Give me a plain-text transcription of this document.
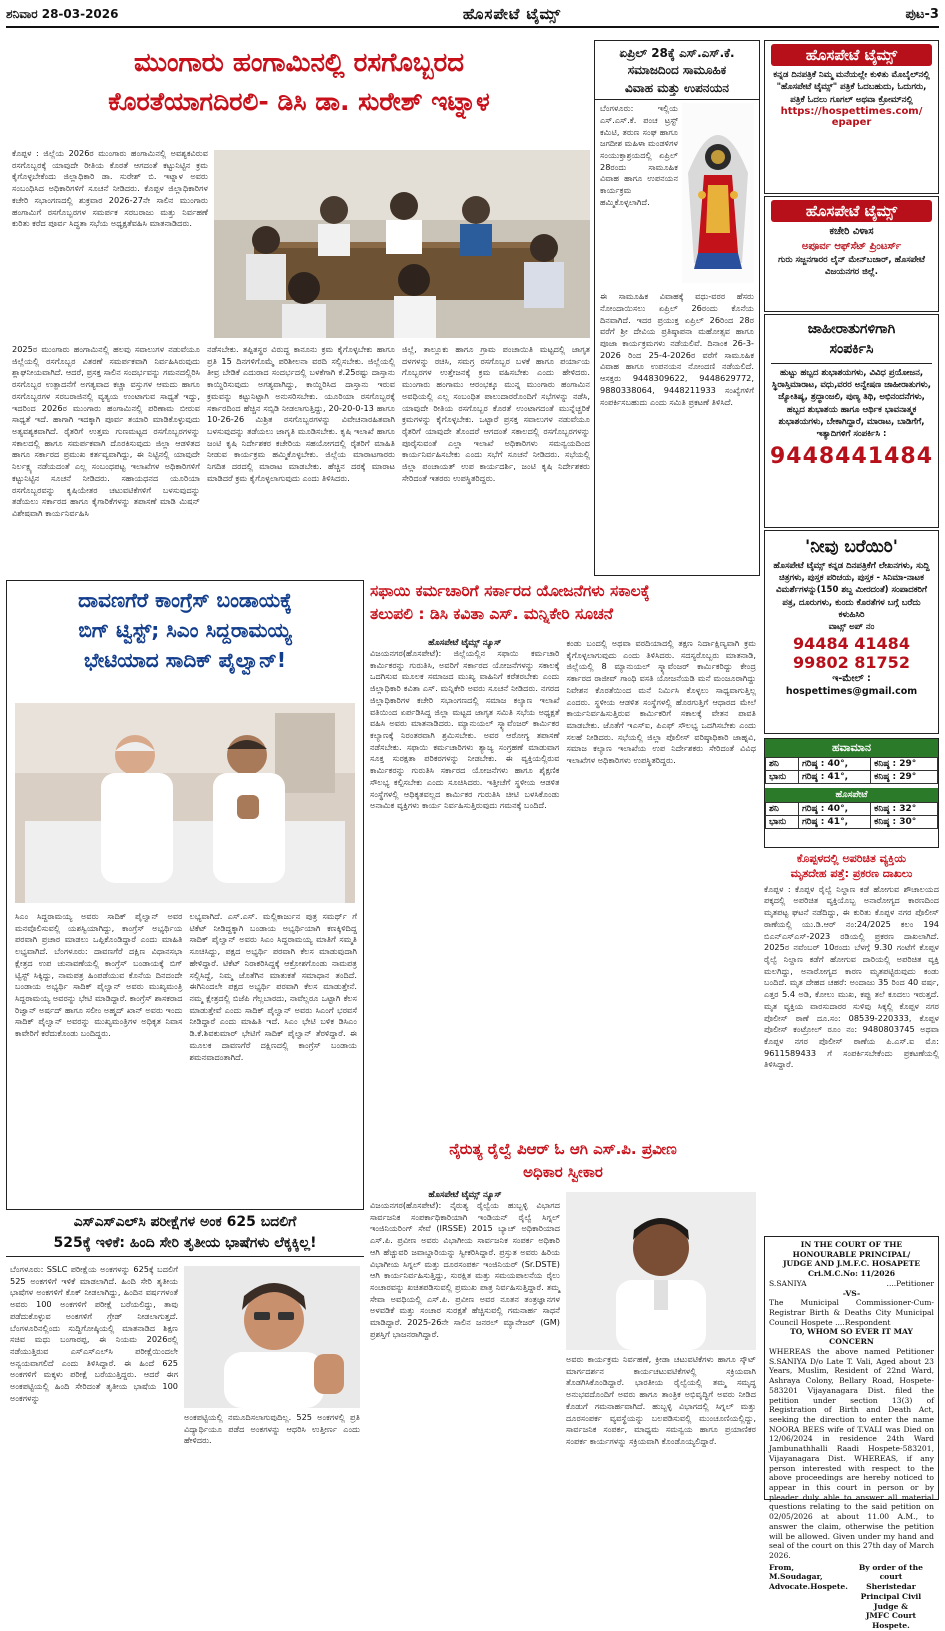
ಶನಿವಾರ 28-03-2026	ಹೊಸಪೇಟೆ ಟೈಮ್ಸ್	ಪುಟ-3
ಮುಂಗಾರು ಹಂಗಾಮಿನಲ್ಲಿ ರಸಗೊಬ್ಬರದ
ಕೊರತೆಯಾಗದಿರಲಿ- ಡಿಸಿ ಡಾ. ಸುರೇಶ್ ಇಟ್ನಾಳ
ಕೊಪ್ಪಳ : ಜಿಲ್ಲೆಯ 2026ರ ಮುಂಗಾರು ಹಂಗಾಮಿನಲ್ಲಿ ಅವಶ್ಯಕವಿರುವ ರಸಗೊಬ್ಬರಕ್ಕೆ ಯಾವುದೇ ರೀತಿಯ ಕೊರತೆ ಆಗದಂತೆ ಕಟ್ಟುನಿಟ್ಟಿನ ಕ್ರಮ ಕೈಗೊಳ್ಳಬೇಕೆಂದು ಜಿಲ್ಲಾಧಿಕಾರಿ ಡಾ. ಸುರೇಶ್ ಬಿ. ಇಟ್ನಾಳ ಅವರು ಸಂಬಂಧಿಸಿದ ಅಧಿಕಾರಿಗಳಿಗೆ ಸೂಚನೆ ನೀಡಿದರು. ಕೊಪ್ಪಳ ಜಿಲ್ಲಾಧಿಕಾರಿಗಳ ಕಚೇರಿ ಸಭಾಂಗಣದಲ್ಲಿ ಶುಕ್ರವಾರ 2026-27ನೇ ಸಾಲಿನ ಮುಂಗಾರು ಹಂಗಾಮಿಗೆ ರಸಗೊಬ್ಬರಗಳ ಸಮರ್ಪಕ ಸರಬರಾಜು ಮತ್ತು ನಿರ್ವಹಣೆ ಕುರಿತು ಕರೆದ ಪೂರ್ವ ಸಿದ್ಧತಾ ಸಭೆಯ ಅಧ್ಯಕ್ಷತೆವಹಿಸಿ ಮಾತನಾಡಿದರು.
2025ರ ಮುಂಗಾರು ಹಂಗಾಮಿನಲ್ಲಿ ಹಲವು ಸವಾಲುಗಳ ನಡುವೆಯೂ ಜಿಲ್ಲೆಯಲ್ಲಿ ರಸಗೊಬ್ಬರ ವಿತರಣೆ ಸಮರ್ಪಕವಾಗಿ ನಿರ್ವಹಿಸಿರುವುದು ಶ್ಲಾಘನೀಯವಾಗಿದೆ. ಆದರೆ, ಪ್ರಸಕ್ತ ಸಾಲಿನ ಸಂದರ್ಭವನ್ನು ಗಮನದಲ್ಲಿರಿಸಿ ರಸಗೊಬ್ಬರ ಉತ್ಪಾದನೆಗೆ ಅಗತ್ಯವಾದ ಕಚ್ಚಾ ವಸ್ತುಗಳ ಆಮದು ಹಾಗೂ ರಸಗೊಬ್ಬರಗಳ ಸರಬರಾಜಿನಲ್ಲಿ ವ್ಯತ್ಯಯ ಉಂಟಾಗುವ ಸಾಧ್ಯತೆ ಇದ್ದು, ಇದರಿಂದ 2026ರ ಮುಂಗಾರು ಹಂಗಾಮಿನಲ್ಲಿ ಪರಿಣಾಮ ಬೀರುವ ಸಾಧ್ಯತೆ ಇದೆ. ಹಾಗಾಗಿ ಇದಕ್ಕಾಗಿ ಪೂರ್ವ ತಯಾರಿ ಮಾಡಿಕೊಳ್ಳುವುದು ಅತ್ಯವಶ್ಯಕವಾಗಿದೆ. ರೈತರಿಗೆ ಉತ್ತಮ ಗುಣಮಟ್ಟದ ರಸಗೊಬ್ಬರಗಳನ್ನು ಸಕಾಲದಲ್ಲಿ ಹಾಗೂ ಸಮರ್ಪಕವಾಗಿ ದೊರಕಿಸುವುದು ಜಿಲ್ಲಾ ಆಡಳಿತದ ಹಾಗೂ ಸರ್ಕಾರದ ಪ್ರಮುಖ ಕರ್ತವ್ಯವಾಗಿದ್ದು, ಈ ನಿಟ್ಟಿನಲ್ಲಿ ಯಾವುದೇ ನಿರ್ಲಕ್ಷ್ಯ ನಡೆಯದಂತೆ ಎಲ್ಲ ಸಂಬಂಧಪಟ್ಟ ಇಲಾಖೆಗಳ ಅಧಿಕಾರಿಗಳಿಗೆ ಕಟ್ಟುನಿಟ್ಟಿನ ಸೂಚನೆ ನೀಡಿದರು. ಸಹಾಯಧನದ ಯೂರಿಯಾ ರಸಗೊಬ್ಬರವನ್ನು ಕೃಷಿಯೇತರ ಚಟುವಟಿಕೆಗಳಿಗೆ ಬಳಸುವುದನ್ನು ತಡೆಯಲು ಸರ್ಕಾರದ ಹಾಗೂ ಕೈಗಾರಿಕೆಗಳನ್ನು ತಪಾಸಣೆ ಮಾಡಿ ಮಿಷನ್ ವಿಶೇಷವಾಗಿ ಕಾರ್ಯನಿರ್ವಹಿಸಿ
ನಡೆಸಬೇಕು. ತಪ್ಪಿತಸ್ಥರ ವಿರುದ್ಧ ಕಾನೂನು ಕ್ರಮ ಕೈಗೊಳ್ಳಬೇಕು ಹಾಗೂ ಪ್ರತಿ 15 ದಿನಗಳಿಗೊಮ್ಮೆ ಪರಿಶೀಲನಾ ವರದಿ ಸಲ್ಲಿಸಬೇಕು. ಜಿಲ್ಲೆಯಲ್ಲಿ ತೀವ್ರ ಬೇಡಿಕೆ ಎದುರಾದ ಸಂದರ್ಭದಲ್ಲಿ ಬಳಕೆಗಾಗಿ ಕೆ.25ರಷ್ಟು ದಾಸ್ತಾನು ಕಾಯ್ದಿರಿಸುವುದು ಅಗತ್ಯವಾಗಿದ್ದು, ಕಾಯ್ದಿರಿಸಿದ ದಾಸ್ತಾನು ಇರುವ ಕ್ರಮವನ್ನು ಕಟ್ಟುನಿಟ್ಟಾಗಿ ಅನುಸರಿಸಬೇಕು. ಯೂರಿಯಾ ರಸಗೊಬ್ಬರಕ್ಕೆ ಸರ್ಕಾರದಿಂದ ಹೆಚ್ಚಿನ ಸಬ್ಸಿಡಿ ನೀಡಲಾಗುತ್ತಿದ್ದು, 20-20-0-13 ಹಾಗೂ 10-26-26 ಮಿಶ್ರಿತ ರಸಗೊಬ್ಬರಗಳನ್ನು ವಿವೇಚನಾರಹಿತವಾಗಿ ಬಳಸುವುದನ್ನು ತಡೆಯಲು ಜಾಗೃತಿ ಮೂಡಿಸಬೇಕು. ಕೃಷಿ ಇಲಾಖೆ ಹಾಗೂ ಜಂಟಿ ಕೃಷಿ ನಿರ್ದೇಶಕರ ಕಚೇರಿಯ ಸಹಯೋಗದಲ್ಲಿ ರೈತರಿಗೆ ಮಾಹಿತಿ ನೀಡುವ ಕಾರ್ಯಕ್ರಮ ಹಮ್ಮಿಕೊಳ್ಳಬೇಕು. ಜಿಲ್ಲೆಯ ಮಾರಾಟಗಾರರು ನಿಗದಿತ ದರದಲ್ಲಿ ಮಾರಾಟ ಮಾಡಬೇಕು. ಹೆಚ್ಚಿನ ದರಕ್ಕೆ ಮಾರಾಟ ಮಾಡಿದರೆ ಕ್ರಮ ಕೈಗೊಳ್ಳಲಾಗುವುದು ಎಂದು ತಿಳಿಸಿದರು.
ಜಿಲ್ಲೆ, ತಾಲ್ಲೂಕು ಹಾಗೂ ಗ್ರಾಮ ಪಂಚಾಯಿತಿ ಮಟ್ಟದಲ್ಲಿ ಜಾಗೃತ ದಳಗಳನ್ನು ರಚಿಸಿ, ಸಮಗ್ರ ರಸಗೊಬ್ಬರ ಬಳಕೆ ಹಾಗೂ ಪರ್ಯಾಯ ಗೊಬ್ಬರಗಳ ಉತ್ತೇಜನಕ್ಕೆ ಕ್ರಮ ವಹಿಸಬೇಕು ಎಂದು ಹೇಳಿದರು. ಮುಂಗಾರು ಹಂಗಾಮು ಆರಂಭಕ್ಕೂ ಮುನ್ನ ಮುಂಗಾರು ಹಂಗಾಮಿನ ಅವಧಿಯಲ್ಲಿ ಎಲ್ಲ ಸಂಬಂಧಿತ ಪಾಲುದಾರರೊಂದಿಗೆ ಸಭೆಗಳನ್ನು ನಡೆಸಿ, ಯಾವುದೇ ರೀತಿಯ ರಸಗೊಬ್ಬರ ಕೊರತೆ ಉಂಟಾಗದಂತೆ ಮುನ್ನೆಚ್ಚರಿಕೆ ಕ್ರಮಗಳನ್ನು ಕೈಗೊಳ್ಳಬೇಕು. ಒಟ್ಟಾರೆ ಪ್ರಸಕ್ತ ಸವಾಲುಗಳ ನಡುವೆಯೂ ರೈತರಿಗೆ ಯಾವುದೇ ತೊಂದರೆ ಆಗದಂತೆ ಸಕಾಲದಲ್ಲಿ ರಸಗೊಬ್ಬರಗಳನ್ನು ಪೂರೈಸುವಂತೆ ಎಲ್ಲಾ ಇಲಾಖೆ ಅಧಿಕಾರಿಗಳು ಸಮನ್ವಯದಿಂದ ಕಾರ್ಯನಿರ್ವಹಿಸಬೇಕು ಎಂದು ಸಭೆಗೆ ಸೂಚನೆ ನೀಡಿದರು. ಸಭೆಯಲ್ಲಿ ಜಿಲ್ಲಾ ಪಂಚಾಯತ್ ಉಪ ಕಾರ್ಯದರ್ಶಿ, ಜಂಟಿ ಕೃಷಿ ನಿರ್ದೇಶಕರು ಸೇರಿದಂತೆ ಇತರರು ಉಪಸ್ಥಿತರಿದ್ದರು.
ಏಪ್ರಿಲ್ 28ಕ್ಕೆ ಎಸ್.ಎಸ್.ಕೆ.
ಸಮಾಜದಿಂದ ಸಾಮೂಹಿಕ
ವಿವಾಹ ಮತ್ತು ಉಪನಯನ
ಬೆಂಗಳೂರು: ಇಲ್ಲಿಯ ಎಸ್.ಎಸ್.ಕೆ. ಪಂಚ ಟ್ರಸ್ಟ್ ಕಮಿಟಿ, ತರುಣ ಸಂಘ ಹಾಗೂ ಜಗದೀಶ ಮಹಿಳಾ ಮಂಡಳಿಗಳ ಸಂಯುಕ್ತಾಶ್ರಯದಲ್ಲಿ ಏಪ್ರಿಲ್ 28ರಂದು ಸಾಮೂಹಿಕ ವಿವಾಹ ಹಾಗೂ ಉಪನಯನ ಕಾರ್ಯಕ್ರಮ ಹಮ್ಮಿಕೊಳ್ಳಲಾಗಿದೆ.
ಈ ಸಾಮೂಹಿಕ ವಿವಾಹಕ್ಕೆ ವಧು-ವರರ ಹೆಸರು ನೋಂದಾಯಿಸಲು ಏಪ್ರಿಲ್ 26ರಂದು ಕೊನೆಯ ದಿನವಾಗಿದೆ. ಇದರ ಪ್ರಯುಕ್ತ ಏಪ್ರಿಲ್ 26ರಿಂದ 28ರ ವರೆಗೆ ಶ್ರೀ ದೇವಿಯ ಪ್ರತಿಷ್ಠಾಪನಾ ಮಹೋತ್ಸವ ಹಾಗೂ ಪೂಜಾ ಕಾರ್ಯಕ್ರಮಗಳು ನಡೆಯಲಿವೆ. ದಿನಾಂಕ 26-3-2026 ರಿಂದ 25-4-2026ರ ವರೆಗೆ ಸಾಮೂಹಿಕ ವಿವಾಹ ಹಾಗೂ ಉಪನಯನ ನೋಂದಣಿ ನಡೆಯಲಿದೆ. ಆಸಕ್ತರು 9448309622, 9448629772, 9880338064, 9448211933 ಸಂಖ್ಯೆಗಳಿಗೆ ಸಂಪರ್ಕಿಸಬಹುದು ಎಂದು ಸಮಿತಿ ಪ್ರಕಟಣೆ ತಿಳಿಸಿದೆ.
ಹೊಸಪೇಟೆ ಟೈಮ್ಸ್
ಕನ್ನಡ ದಿನಪತ್ರಿಕೆ ನಿಮ್ಮ ಮನೆಯಲ್ಲೇ ಕುಳಿತು ಮೊಬೈಲ್‌ನಲ್ಲಿ "ಹೊಸಪೇಟೆ ಟೈಮ್ಸ್" ಪತ್ರಿಕೆ ಓದಬಹುದು, ಓದುಗರು, ಪತ್ರಿಕೆ ಓದಲು ಗೂಗಲ್ ಅಥವಾ ಕ್ರೋಮ್‌ನಲ್ಲಿ
https://hospettimes.com/
epaper
ಹೊಸಪೇಟೆ ಟೈಮ್ಸ್
ಕಚೇರಿ ವಿಳಾಸ
ಅಪೂರ್ವ ಆಫ್‌ಸೆಟ್ ಪ್ರಿಂಟರ್ಸ್
ಗುರು ಸಜ್ಜನಗಾರರ ಲೈನ್ ಮೇನ್‌ಬಜಾರ್, ಹೊಸಪೇಟೆ ವಿಜಯನಗರ ಜಿಲ್ಲೆ.
ಜಾಹೀರಾತುಗಳಿಗಾಗಿ
ಸಂಪರ್ಕಿಸಿ
ಹುಟ್ಟು ಹಬ್ಬದ ಶುಭಾಶಯಗಳು, ವಿವಿಧ ಪ್ರಯೋಜನ, ಸ್ಥಿರಾಸ್ತಿಮಾರಾಟ, ವಧು,ವರರ ಅನ್ವೇಷಣ ಜಾಹೀರಾತುಗಳು, ಜ್ಯೋತಿಷ್ಯ, ಶ್ರದ್ಧಾಂಜಲಿ, ಪುಣ್ಯ ತಿಥಿ, ಅಭಿನಂದನೆಗಳು, ಹಬ್ಬದ ಶುಭಾಶಯ ಹಾಗೂ ಆರ್ಥಿಕ ಭಾವನಾತ್ಮಕ ಶುಭಾಶಯಗಳು, ಬೇಕಾಗಿದ್ದಾರೆ, ಮಾರಾಟ, ಬಾಡಿಗೆಗೆ, ಇತ್ಯಾದಿಗಳಿಗೆ ಸಂಪರ್ಕಿಸಿ :
9448441484
'ನೀವು ಬರೆಯಿರಿ'
ಹೊಸಪೇಟೆ ಟೈಮ್ಸ್ ಕನ್ನಡ ದಿನಪತ್ರಿಕೆಗೆ ಲೇಖನಗಳು, ಸುದ್ದಿ ಚಿತ್ರಗಳು, ಪುಸ್ತಕ ಪರಿಚಯ, ಪುಸ್ತಕ - ಸಿನಿಮಾ-ನಾಟಕ ವಿಮರ್ಶೆಗಳನ್ನು(150 ಶಬ್ದ ಮೀರದಂತೆ) ಸಂಪಾದಕರಿಗೆ ಪತ್ರ, ದೂರುಗಳು, ಕುಂದು ಕೊರತೆಗಳ ಬಗ್ಗೆ ಬರೆದು ಕಳುಹಿಸಿರಿ
ವಾಟ್ಸ್ ಅಪ್ ನಂ
94484 41484
99802 81752
ಇ-ಮೇಲ್ : hospettimes@gmail.com
ಹವಾಮಾನ
ಶನಿ	ಗರಿಷ್ಠ : 40°,	ಕನಿಷ್ಠ : 29°
ಭಾನು	ಗರಿಷ್ಠ : 41°,	ಕನಿಷ್ಠ : 29°
ಹೊಸಪೇಟೆ
ಶನಿ	ಗರಿಷ್ಠ : 40°,	ಕನಿಷ್ಠ : 32°
ಭಾನು	ಗರಿಷ್ಠ : 41°,	ಕನಿಷ್ಠ : 30°
ಕೊಪ್ಪಳದಲ್ಲಿ ಅಪರಿಚಿತ ವ್ಯಕ್ತಿಯ
ಮೃತದೇಹ ಪತ್ತೆ: ಪ್ರಕರಣ ದಾಖಲು
ಕೊಪ್ಪಳ : ಕೊಪ್ಪಳ ರೈಲ್ವೆ ನಿಲ್ದಾಣ ಕಡೆ ಹೋಗುವ ಶೌಚಾಲಯದ ಪಕ್ಕದಲ್ಲಿ ಅಪರಿಚಿತ ವ್ಯಕ್ತಿಯೊಬ್ಬ ಅನಾರೋಗ್ಯದ ಕಾರಣದಿಂದ ಮೃತಪಟ್ಟ ಘಟನೆ ನಡೆದಿದ್ದು, ಈ ಕುರಿತು ಕೊಪ್ಪಳ ನಗರ ಪೊಲೀಸ್ ಠಾಣೆಯಲ್ಲಿ ಯು.ಡಿ.ಆರ್ ನಂ:24/2025 ಕಲಂ 194 ಬಿಎನ್‌ಎಸ್‌ಎಸ್-2023 ರಡಿಯಲ್ಲಿ ಪ್ರಕರಣ ದಾಖಲಾಗಿದೆ. 2025ರ ನವೆಂಬರ್ 10ರಂದು ಬೆಳಗ್ಗೆ 9.30 ಗಂಟೆಗೆ ಕೊಪ್ಪಳ ರೈಲ್ವೆ ನಿಲ್ದಾಣ ಕಡೆಗೆ ಹೋಗುವ ದಾರಿಯಲ್ಲಿ ಅಪರಿಚಿತ ವ್ಯಕ್ತಿ ಮಲಗಿದ್ದು, ಅನಾರೋಗ್ಯದ ಕಾರಣ ಮೃತಪಟ್ಟಿರುವುದು ಕಂಡು ಬಂದಿದೆ. ಮೃತ ದೇಹದ ಚಹರೆ: ಅಂದಾಜು 35 ರಿಂದ 40 ವರ್ಷ, ಎತ್ತರ 5.4 ಅಡಿ, ಕೋಲು ಮುಖ, ಕಪ್ಪು ತಲೆ ಕೂದಲು ಇರುತ್ತದೆ. ಮೃತ ವ್ಯಕ್ತಿಯ ವಾರಸುದಾರರ ಸುಳಿವು ಸಿಕ್ಕಲ್ಲಿ ಕೊಪ್ಪಳ ನಗರ ಪೊಲೀಸ್ ಠಾಣೆ ದೂ.ಸಂ: 08539-220333, ಕೊಪ್ಪಳ ಪೊಲೀಸ್ ಕಂಟ್ರೋಲ್ ರೂಂ ನಂ: 9480803745 ಅಥವಾ ಕೊಪ್ಪಳ ನಗರ ಪೊಲೀಸ್ ಠಾಣೆಯ ಪಿ.ಎಸ್.ಐ ಮೊ: 9611589433 ಗೆ ಸಂಪರ್ಕಿಸಬೇಕೆಂದು ಪ್ರಕಟಣೆಯಲ್ಲಿ ತಿಳಿಸಿದ್ದಾರೆ.
ದಾವಣಗೆರೆ ಕಾಂಗ್ರೆಸ್ ಬಂಡಾಯಕ್ಕೆ
ಬಿಗ್ ಟ್ವಿಸ್ಟ್; ಸಿಎಂ ಸಿದ್ದರಾಮಯ್ಯ
ಭೇಟಿಯಾದ ಸಾದಿಕ್ ಪೈಲ್ವಾನ್!
ಸಿಎಂ ಸಿದ್ದರಾಮಯ್ಯ ಅವರು ಸಾದಿಕ್ ಪೈಲ್ವಾನ್ ಅವರ ಮನವೊಲಿಸುವಲ್ಲಿ ಯಶಸ್ವಿಯಾಗಿದ್ದು, ಕಾಂಗ್ರೆಸ್ ಅಭ್ಯರ್ಥಿಯ ಪರವಾಗಿ ಪ್ರಚಾರ ಮಾಡಲು ಒಪ್ಪಿಕೊಂಡಿದ್ದಾರೆ ಎಂದು ಮಾಹಿತಿ ಲಭ್ಯವಾಗಿದೆ. ಬೆಂಗಳೂರು: ದಾವಣಗೆರೆ ದಕ್ಷಿಣ ವಿಧಾನಸಭಾ ಕ್ಷೇತ್ರದ ಉಪ ಚುನಾವಣೆಯಲ್ಲಿ ಕಾಂಗ್ರೆಸ್ ಬಂಡಾಯಕ್ಕೆ ಬಿಗ್ ಟ್ವಿಸ್ಟ್ ಸಿಕ್ಕಿದ್ದು, ನಾಮಪತ್ರ ಹಿಂಪಡೆಯುವ ಕೊನೆಯ ದಿನದಂದೇ ಬಂಡಾಯ ಅಭ್ಯರ್ಥಿ ಸಾದಿಕ್ ಪೈಲ್ವಾನ್ ಅವರು ಮುಖ್ಯಮಂತ್ರಿ ಸಿದ್ದರಾಮಯ್ಯ ಅವರನ್ನು ಭೇಟಿ ಮಾಡಿದ್ದಾರೆ. ಕಾಂಗ್ರೆಸ್ ಶಾಸಕರಾದ ರಿಜ್ವಾನ್ ಅರ್ಷದ್ ಹಾಗೂ ಸಲೀಂ ಅಹ್ಮದ್ ಖಾನ್ ಅವರು ಇಂದು ಸಾದಿಕ್ ಪೈಲ್ವಾನ್ ಅವರನ್ನು ಮುಖ್ಯಮಂತ್ರಿಗಳ ಅಧಿಕೃತ ನಿವಾಸ ಕಾವೇರಿಗೆ ಕರೆದುಕೊಂಡು ಬಂದಿದ್ದರು.
ಲಭ್ಯವಾಗಿದೆ. ಎಸ್.ಎಸ್. ಮಲ್ಲಿಕಾರ್ಜುನ ಪುತ್ರ ಸಮರ್ಥ್ ಗೆ ಟಿಕೆಟ್ ನೀಡಿದ್ದಕ್ಕಾಗಿ ಬಂಡಾಯ ಅಭ್ಯರ್ಥಿಯಾಗಿ ಕಣಕ್ಕಿಳಿದಿದ್ದ ಸಾದಿಕ್ ಪೈಲ್ವಾನ್ ಅವರು ಸಿಎಂ ಸಿದ್ದರಾಮಯ್ಯ ಮಾತಿಗೆ ಸಮ್ಮತಿ ಸೂಚಿಸಿದ್ದು, ಪಕ್ಷದ ಅಭ್ಯರ್ಥಿ ಪರವಾಗಿ ಕೆಲಸ ಮಾಡುವುದಾಗಿ ಹೇಳಿದ್ದಾರೆ. ಟಿಕೆಟ್ ನಿರಾಕರಿಸಿದ್ದಕ್ಕೆ ಆಕ್ರೋಶಗೊಂಡು ನಾಮಪತ್ರ ಸಲ್ಲಿಸಿದ್ದೆ, ನಿಮ್ಮ ಜೊತೆಗಿನ ಮಾತುಕತೆ ಸಮಾಧಾನ ತಂದಿದೆ. ಈಗಿನಿಂದಲೇ ಪಕ್ಷದ ಅಭ್ಯರ್ಥಿ ಪರವಾಗಿ ಕೆಲಸ ಮಾಡುತ್ತೇನೆ. ನಮ್ಮ ಕ್ಷೇತ್ರದಲ್ಲಿ ಬಿಜೆಪಿ ಗೆಲ್ಲಬಾರದು, ನಾವೆಲ್ಲರೂ ಒಟ್ಟಾಗಿ ಕೆಲಸ ಮಾಡುತ್ತೇವೆ ಎಂದು ಸಾದಿಕ್ ಪೈಲ್ವಾನ್ ಅವರು ಸಿಎಂಗೆ ಭರವಸೆ ನೀಡಿದ್ದಾರೆ ಎಂದು ಮಾಹಿತಿ ಇದೆ. ಸಿಎಂ ಭೇಟಿ ಬಳಿಕ ಡಿಸಿಎಂ ಡಿ.ಕೆ.ಶಿವಕುಮಾರ್ ಭೇಟಿಗೆ ಸಾದಿಕ್ ಪೈಲ್ವಾನ್ ತೆರಳಿದ್ದಾರೆ. ಈ ಮೂಲಕ ದಾವಣಗೆರೆ ದಕ್ಷಿಣದಲ್ಲಿ ಕಾಂಗ್ರೆಸ್ ಬಂಡಾಯ ಶಮನವಾದಂತಾಗಿದೆ.
ಸಫಾಯಿ ಕರ್ಮಚಾರಿಗೆ ಸರ್ಕಾರದ ಯೋಜನೆಗಳು ಸಕಾಲಕ್ಕೆ
ತಲುಪಲಿ : ಡಿಸಿ ಕವಿತಾ ಎಸ್. ಮನ್ನಿಕೇರಿ ಸೂಚನೆ
ಹೊಸಪೇಟೆ ಟೈಮ್ಸ್ ನ್ಯೂಸ್
ವಿಜಯನಗರ(ಹೊಸಪೇಟೆ): ಜಿಲ್ಲೆಯಲ್ಲಿನ ಸಫಾಯಿ ಕರ್ಮಚಾರಿ ಕಾರ್ಮಿಕರನ್ನು ಗುರುತಿಸಿ, ಅವರಿಗೆ ಸರ್ಕಾರದ ಯೋಜನೆಗಳನ್ನು ಸಕಾಲಕ್ಕೆ ಒದಗಿಸುವ ಮೂಲಕ ಸಮಾಜದ ಮುಖ್ಯ ವಾಹಿನಿಗೆ ಕರೆತರಬೇಕು ಎಂದು ಜಿಲ್ಲಾಧಿಕಾರಿ ಕವಿತಾ ಎಸ್. ಮನ್ನಿಕೇರಿ ಅವರು ಸೂಚನೆ ನೀಡಿದರು. ನಗರದ ಜಿಲ್ಲಾಧಿಕಾರಿಗಳ ಕಚೇರಿ ಸಭಾಂಗಣದಲ್ಲಿ ಸಮಾಜ ಕಲ್ಯಾಣ ಇಲಾಖೆ ವತಿಯಿಂದ ಏರ್ಪಡಿಸಿದ್ದ ಜಿಲ್ಲಾ ಮಟ್ಟದ ಜಾಗೃತ ಸಮಿತಿ ಸಭೆಯ ಅಧ್ಯಕ್ಷತೆ ವಹಿಸಿ ಅವರು ಮಾತನಾಡಿದರು. ಮ್ಯಾನುಯಲ್ ಸ್ಕ್ಯಾವೆಂಜರ್ ಕಾರ್ಮಿಕರ ಕಲ್ಯಾಣಕ್ಕೆ ನಿರಂತರವಾಗಿ ಶ್ರಮಿಸಬೇಕು. ಅವರ ಆರೋಗ್ಯ ತಪಾಸಣೆ ನಡೆಸಬೇಕು. ಸಫಾಯಿ ಕರ್ಮಚಾರಿಗಳು ತ್ಯಾಜ್ಯ ಸಂಗ್ರಹಣೆ ಮಾಡುವಾಗ ಸೂಕ್ತ ಸುರಕ್ಷತಾ ಪರಿಕರಗಳನ್ನು ನೀಡಬೇಕು. ಈ ವ್ಯಕ್ತಿಯಲ್ಲಿರುವ ಕಾರ್ಮಿಕರನ್ನು ಗುರುತಿಸಿ ಸರ್ಕಾರದ ಯೋಜನೆಗಳು ಹಾಗೂ ಶೈಕ್ಷಣಿಕ ಸೌಲಭ್ಯ ಕಲ್ಪಿಸಬೇಕು ಎಂದು ಸೂಚಿಸಿದರು. ಇತ್ತೀಚೆಗೆ ಸ್ಥಳೀಯ ಆಡಳಿತ ಸಂಸ್ಥೆಗಳಲ್ಲಿ ಆಧಿಕೃತವಲ್ಲದ ಕಾರ್ಮಿಕರ ಗುರುತಿಸಿ ಚೀಟಿ ಬಳಸಿಕೊಂಡು ಅನಾಮಿಕ ವ್ಯಕ್ತಿಗಳು ಕಾರ್ಯ ನಿರ್ವಹಿಸುತ್ತಿರುವುದು ಗಮನಕ್ಕೆ ಬಂದಿದೆ.
ಕಂಡು ಬಂದಲ್ಲಿ ಅಥವಾ ವರದಿಯಾದಲ್ಲಿ ತಕ್ಷಣ ನಿರ್ದಾಕ್ಷಿಣ್ಯವಾಗಿ ಕ್ರಮ ಕೈಗೊಳ್ಳಲಾಗುವುದು ಎಂದು ತಿಳಿಸಿದರು. ಸದಸ್ಯರೊಬ್ಬರು ಮಾತನಾಡಿ, ಜಿಲ್ಲೆಯಲ್ಲಿ 8 ಮ್ಯಾನುಯಲ್ ಸ್ಕ್ಯಾವೆಂಜರ್ ಕಾರ್ಮಿಕರಿದ್ದು ಕೇಂದ್ರ ಸರ್ಕಾರದ ರಾಜೀವ್ ಗಾಂಧಿ ವಸತಿ ಯೋಜನೆಯಡಿ ಮನೆ ಮಂಜೂರಾಗಿದ್ದು ನಿವೇಶನ ಕೊರತೆಯಿಂದ ಮನೆ ನಿರ್ಮಿಸಿ ಕೊಳ್ಳಲು ಸಾಧ್ಯವಾಗುತ್ತಿಲ್ಲ ಎಂದರು. ಸ್ಥಳೀಯ ಆಡಳಿತ ಸಂಸ್ಥೆಗಳಲ್ಲಿ ಹೊರಗುತ್ತಿಗೆ ಆಧಾರದ ಮೇಲೆ ಕಾರ್ಯನಿರ್ವಹಿಸುತ್ತಿರುವ ಕಾರ್ಮಿಕರಿಗೆ ಸಕಾಲಕ್ಕೆ ವೇತನ ಪಾವತಿ ಮಾಡಬೇಕು. ಜೊತೆಗೆ ಇಎಸ್‌ಐ, ಪಿಎಫ್ ಸೌಲಭ್ಯ ಒದಗಿಸಬೇಕು ಎಂದು ಸಲಹೆ ನೀಡಿದರು. ಸಭೆಯಲ್ಲಿ ಜಿಲ್ಲಾ ಪೊಲೀಸ್ ವರಿಷ್ಠಾಧಿಕಾರಿ ಜಾಹ್ನವಿ, ಸಮಾಜ ಕಲ್ಯಾಣ ಇಲಾಖೆಯ ಉಪ ನಿರ್ದೇಶಕರು ಸೇರಿದಂತೆ ವಿವಿಧ ಇಲಾಖೆಗಳ ಅಧಿಕಾರಿಗಳು ಉಪಸ್ಥಿತರಿದ್ದರು.
ಎಸ್‌ಎಸ್‌ಎಲ್‌ಸಿ ಪರೀಕ್ಷೆಗಳ ಅಂಕ 625 ಬದಲಿಗೆ
525ಕ್ಕೆ ಇಳಿಕೆ: ಹಿಂದಿ ಸೇರಿ ತೃತೀಯ ಭಾಷೆಗಳು ಲೆಕ್ಕಕ್ಕಿಲ್ಲ!
ಬೆಂಗಳೂರು: SSLC ಪರೀಕ್ಷೆಯ ಅಂಕಗಳನ್ನು 625ಕ್ಕೆ ಬದಲಿಗೆ 525 ಅಂಕಗಳಿಗೆ ಇಳಿಕೆ ಮಾಡಲಾಗಿದೆ. ಹಿಂದಿ ಸೇರಿ ತೃತೀಯ ಭಾಷೆಗಳ ಅಂಕಗಳಿಗೆ ಕೊಕ್ ನೀಡಲಾಗಿದ್ದು, ಹಿಂದಿನ ವರ್ಷಗಳಂತೆ ಅವರು 100 ಅಂಕಗಳಿಗೆ ಪರೀಕ್ಷೆ ಬರೆಯಲಿದ್ದು, ತಾವು ಪಡೆದುಕೊಳ್ಳುವ ಅಂಕಗಳಿಗೆ ಗ್ರೇಡ್ ನೀಡಲಾಗುತ್ತದೆ. ಬೆಂಗಳೂರಿನಲ್ಲಿಂದು ಸುದ್ದಿಗೋಷ್ಠಿಯಲ್ಲಿ ಮಾತನಾಡಿದ ಶಿಕ್ಷಣ ಸಚಿವ ಮಧು ಬಂಗಾರಪ್ಪ, ಈ ನಿಯಮ 2026ರಲ್ಲಿ ನಡೆಯುತ್ತಿರುವ ಎಸ್‌ಎಸ್‌ಎಲ್‌ಸಿ ಪರೀಕ್ಷೆಯಿಂದಲೇ ಅನ್ವಯವಾಗಲಿದೆ ಎಂದು ತಿಳಿಸಿದ್ದಾರೆ. ಈ ಹಿಂದೆ 625 ಅಂಕಗಳಿಗೆ ಮಕ್ಕಳು ಪರೀಕ್ಷೆ ಬರೆಯುತ್ತಿದ್ದರು. ಆದರೆ ಈಗ ಅಂಕಪಟ್ಟಿಯಲ್ಲಿ ಹಿಂದಿ ಸೇರಿದಂತೆ ತೃತೀಯ ಭಾಷೆಯ 100 ಅಂಕಗಳನ್ನು
ಅಂಕಪಟ್ಟಿಯಲ್ಲಿ ನಮೂದಿಸಲಾಗುವುದಿಲ್ಲ. 525 ಅಂಕಗಳಲ್ಲಿ ಪ್ರತಿ ವಿದ್ಯಾರ್ಥಿಯೂ ಪಡೆದ ಅಂಕಗಳನ್ನು ಆಧರಿಸಿ ಉತ್ತೀರ್ಣ ಎಂದು ಹೇಳಿದರು.
ನೈರುತ್ಯ ರೈಲ್ವೆ ಪಿಆರ್ ಓ ಆಗಿ ಎಸ್.ಪಿ. ಪ್ರವೀಣ
ಅಧಿಕಾರ ಸ್ವೀಕಾರ
ಹೊಸಪೇಟೆ ಟೈಮ್ಸ್ ನ್ಯೂಸ್
ವಿಜಯನಗರ(ಹೊಸಪೇಟೆ): ನೈರುತ್ಯ ರೈಲ್ವೆಯ ಹುಬ್ಬಳ್ಳಿ ವಿಭಾಗದ ಸಾರ್ವಜನಿಕ ಸಂಪರ್ಕಾಧಿಕಾರಿಯಾಗಿ ಇಂಡಿಯನ್ ರೈಲ್ವೆ ಸಿಗ್ನಲ್ ಇಂಜಿನಿಯರಿಂಗ್ ಸೇವೆ (IRSSE) 2015 ಬ್ಯಾಚ್ ಅಧಿಕಾರಿಯಾದ ಎಸ್.ಪಿ. ಪ್ರವೀಣ ಅವರು ವಿಭಾಗೀಯ ಸಾರ್ವಜನಿಕ ಸಂಪರ್ಕ ಅಧಿಕಾರಿ ಆಗಿ ಹೆಚ್ಚುವರಿ ಜವಾಬ್ದಾರಿಯನ್ನು ಸ್ವೀಕರಿಸಿದ್ದಾರೆ. ಪ್ರಸ್ತುತ ಅವರು ಹಿರಿಯ ವಿಭಾಗೀಯ ಸಿಗ್ನಲ್ ಮತ್ತು ದೂರಸಂಪರ್ಕ ಇಂಜಿನಿಯರ್ (Sr.DSTE) ಆಗಿ ಕಾರ್ಯನಿರ್ವಹಿಸುತ್ತಿದ್ದು, ಸುರಕ್ಷಿತ ಮತ್ತು ಸಮಯಪಾಲನೆಯ ರೈಲು ಸಂಚಾರವನ್ನು ಖಚಿತಪಡಿಸುವಲ್ಲಿ ಪ್ರಮುಖ ಪಾತ್ರ ನಿರ್ವಹಿಸುತ್ತಿದ್ದಾರೆ. ತಮ್ಮ ಸೇವಾ ಅವಧಿಯಲ್ಲಿ ಎಸ್.ಪಿ. ಪ್ರವೀಣ ಅವರ ನೂತನ ತಂತ್ರಜ್ಞಾನಗಳ ಅಳವಡಿಕೆ ಮತ್ತು ಸಂಚಾರ ಸುರಕ್ಷತೆ ಹೆಚ್ಚಿಸುವಲ್ಲಿ ಗಮನಾರ್ಹ ಸಾಧನೆ ಮಾಡಿದ್ದಾರೆ. 2025-26ನೇ ಸಾಲಿನ ಜನರಲ್ ಮ್ಯಾನೇಜರ್ (GM) ಪ್ರಶಸ್ತಿಗೆ ಭಾಜನರಾಗಿದ್ದಾರೆ.
ಅವರು ಕಾರ್ಯಕ್ರಮ ನಿರ್ವಹಣೆ, ಕ್ರೀಡಾ ಚಟುವಟಿಕೆಗಳು ಹಾಗೂ ಸ್ಕೌಟ್ ಮಾರ್ಗದರ್ಶನ ಕಾರ್ಯಚಟುವಟಿಕೆಗಳಲ್ಲಿ ಸಕ್ರಿಯವಾಗಿ ತೊಡಗಿಸಿಕೊಂಡಿದ್ದಾರೆ. ಭಾರತೀಯ ರೈಲ್ವೆಯಲ್ಲಿ ತಮ್ಮ ಸಮೃದ್ಧ ಅನುಭವದೊಂದಿಗೆ ಅವರು ಹಾಗೂ ತಾಂತ್ರಿಕ ಅಭಿವೃದ್ಧಿಗೆ ಅವರು ನೀಡಿದ ಕೊಡುಗೆ ಗಮನಾರ್ಹವಾಗಿದೆ. ಹುಬ್ಬಳ್ಳಿ ವಿಭಾಗದಲ್ಲಿ ಸಿಗ್ನಲ್ ಮತ್ತು ದೂರಸಂಪರ್ಕ ವ್ಯವಸ್ಥೆಯನ್ನು ಬಲಪಡಿಸುವಲ್ಲಿ ಮುಂಚೂಣಿಯಲ್ಲಿದ್ದು, ಸಾರ್ವಜನಿಕ ಸಂಪರ್ಕ, ಮಾಧ್ಯಮ ಸಮನ್ವಯ ಹಾಗೂ ಪ್ರಯಾಣಿಕರ ಸಂಪರ್ಕ ಕಾರ್ಯಗಳನ್ನು ಸಕ್ರಿಯವಾಗಿ ಕೊಂಡೊಯ್ಯಲಿದ್ದಾರೆ.
IN THE COURT OF THE HONOURABLE PRINCIPAL/
JUDGE AND J.M.F.C. HOSAPETE
Cri.M.C.No: 11/2026
S.SANIYA	....Petitioner
-VS-
The Municipal Commissioner-Cum- Registrar Birth & Deaths City Municipal Council Hospete ....Respondent
TO, WHOM SO EVER IT MAY CONCERN
WHEREAS the above named Petitioner S.SANIYA D/o Late T. Vali, Aged about 23 Years, Muslim, Resident of 22nd Ward, Ashraya Colony, Bellary Road, Hospete-583201 Vijayanagara Dist. filed the petition under section 13(3) of Registration of Birth and Death Act, seeking the direction to enter the name NOORA BEES wife of T.VALI was Died on 12/06/2024 in residence 24th Ward Jambunathhalli Raadi Hospete-583201, Vijayanagara Dist. WHEREAS, if any person interested with respect to the above proceedings are hereby noticed to appear in this court in person or by pleader duly able to answer all material questions relating to the said petition on 02/05/2026 at about 11.00 A.M., to answer the claim, otherwise the petition will be allowed. Given under my hand and seal of the court on this 27th day of March 2026.
From,
M.Soudagar,
Advocate.Hospete.
By order of the court
Sheristedar
Principal Civil Judge &
JMFC Court Hospete.
